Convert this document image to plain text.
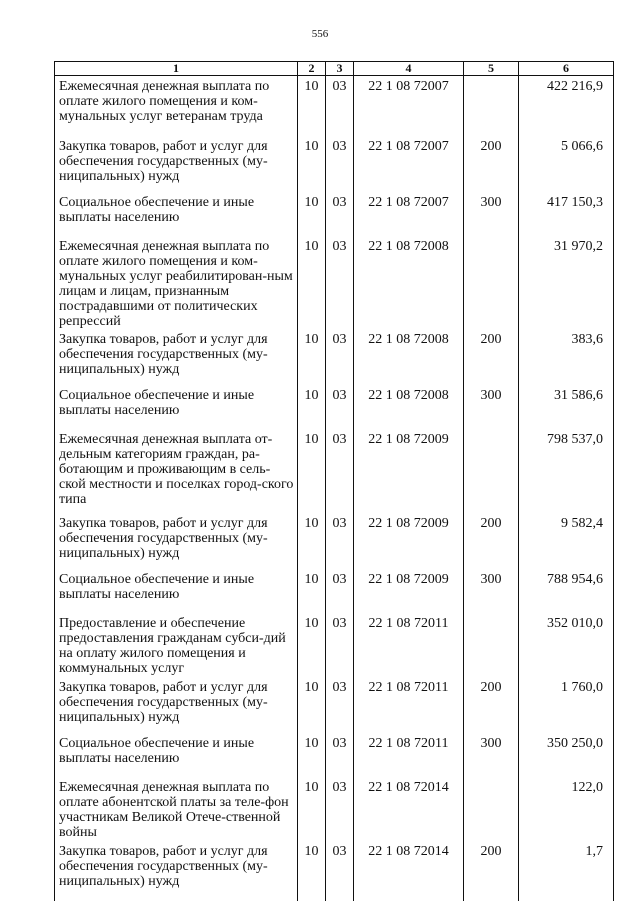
556
1	2	3	4	5	6
Ежемесячная денежная выплата по оплате жилого помещения и ком-мунальных услуг ветеранам труда	10	03	22 1 08 72007		422 216,9
Закупка товаров, работ и услуг для обеспечения государственных (му-ниципальных) нужд	10	03	22 1 08 72007	200	5 066,6
Социальное обеспечение и иные выплаты населению	10	03	22 1 08 72007	300	417 150,3
Ежемесячная денежная выплата по оплате жилого помещения и ком-мунальных услуг реабилитирован-ным лицам и лицам, признанным пострадавшими от политических репрессий	10	03	22 1 08 72008		31 970,2
Закупка товаров, работ и услуг для обеспечения государственных (му-ниципальных) нужд	10	03	22 1 08 72008	200	383,6
Социальное обеспечение и иные выплаты населению	10	03	22 1 08 72008	300	31 586,6
Ежемесячная денежная выплата от-дельным категориям граждан, ра-ботающим и проживающим в сель-ской местности и поселках город-ского типа	10	03	22 1 08 72009		798 537,0
Закупка товаров, работ и услуг для обеспечения государственных (му-ниципальных) нужд	10	03	22 1 08 72009	200	9 582,4
Социальное обеспечение и иные выплаты населению	10	03	22 1 08 72009	300	788 954,6
Предоставление и обеспечение предоставления гражданам субси-дий на оплату жилого помещения и коммунальных услуг	10	03	22 1 08 72011		352 010,0
Закупка товаров, работ и услуг для обеспечения государственных (му-ниципальных) нужд	10	03	22 1 08 72011	200	1 760,0
Социальное обеспечение и иные выплаты населению	10	03	22 1 08 72011	300	350 250,0
Ежемесячная денежная выплата по оплате абонентской платы за теле-фон участникам Великой Отече-ственной войны	10	03	22 1 08 72014		122,0
Закупка товаров, работ и услуг для обеспечения государственных (му-ниципальных) нужд	10	03	22 1 08 72014	200	1,7
